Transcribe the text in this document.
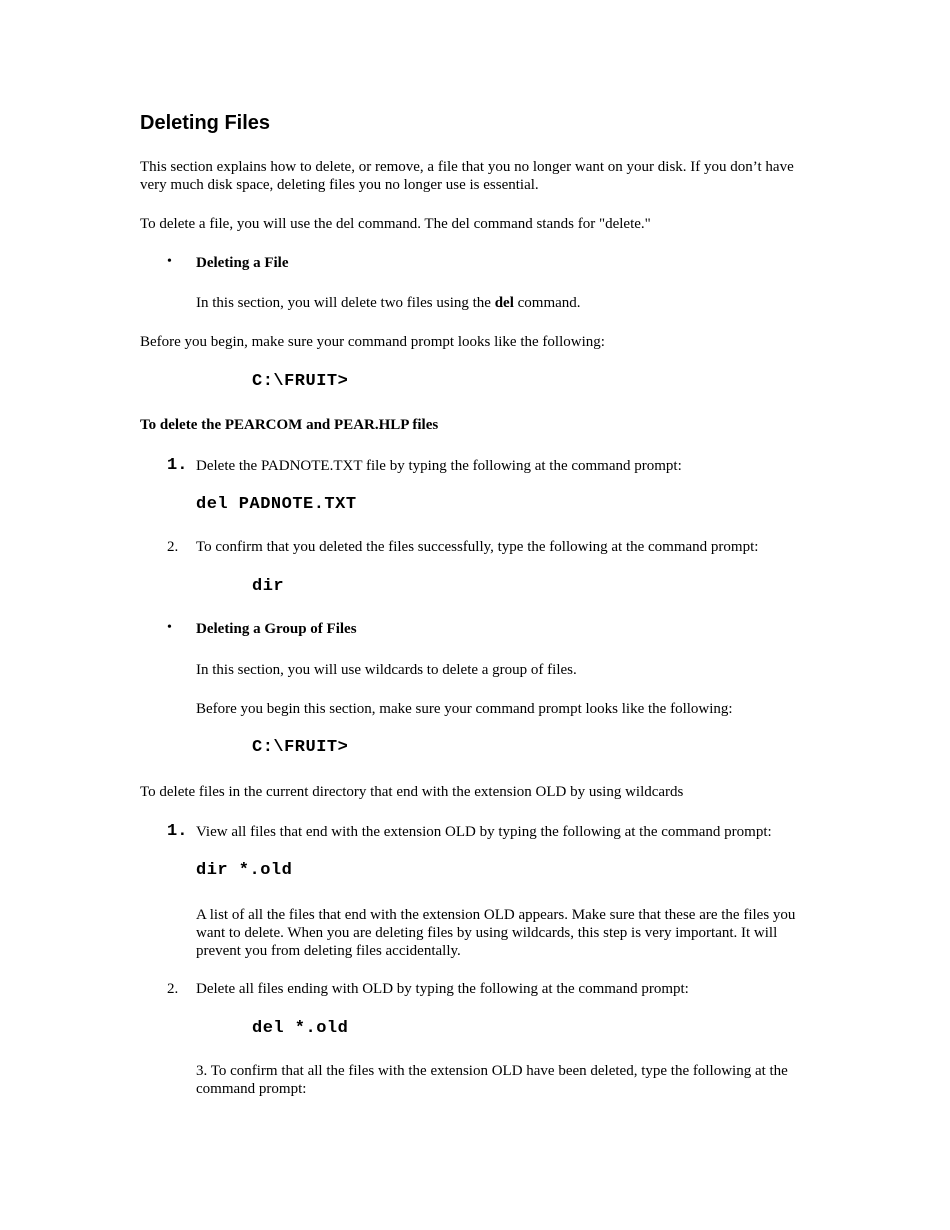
Deleting Files
This section explains how to delete, or remove, a file that you no longer want on your disk. If you don’t have very much disk space, deleting files you no longer use is essential.
To delete a file, you will use the del command. The del command stands for "delete."
• Deleting a File
In this section, you will delete two files using the del command.
Before you begin, make sure your command prompt looks like the following:
C:\FRUIT>
To delete the PEARCOM and PEAR.HLP files
1. Delete the PADNOTE.TXT file by typing the following at the command prompt:
del PADNOTE.TXT
2. To confirm that you deleted the files successfully, type the following at the command prompt:
dir
• Deleting a Group of Files
In this section, you will use wildcards to delete a group of files.
Before you begin this section, make sure your command prompt looks like the following:
C:\FRUIT>
To delete files in the current directory that end with the extension OLD by using wildcards
1. View all files that end with the extension OLD by typing the following at the command prompt:
dir *.old
A list of all the files that end with the extension OLD appears. Make sure that these are the files you want to delete. When you are deleting files by using wildcards, this step is very important. It will prevent you from deleting files accidentally.
2. Delete all files ending with OLD by typing the following at the command prompt:
del *.old
3. To confirm that all the files with the extension OLD have been deleted, type the following at the command prompt:
